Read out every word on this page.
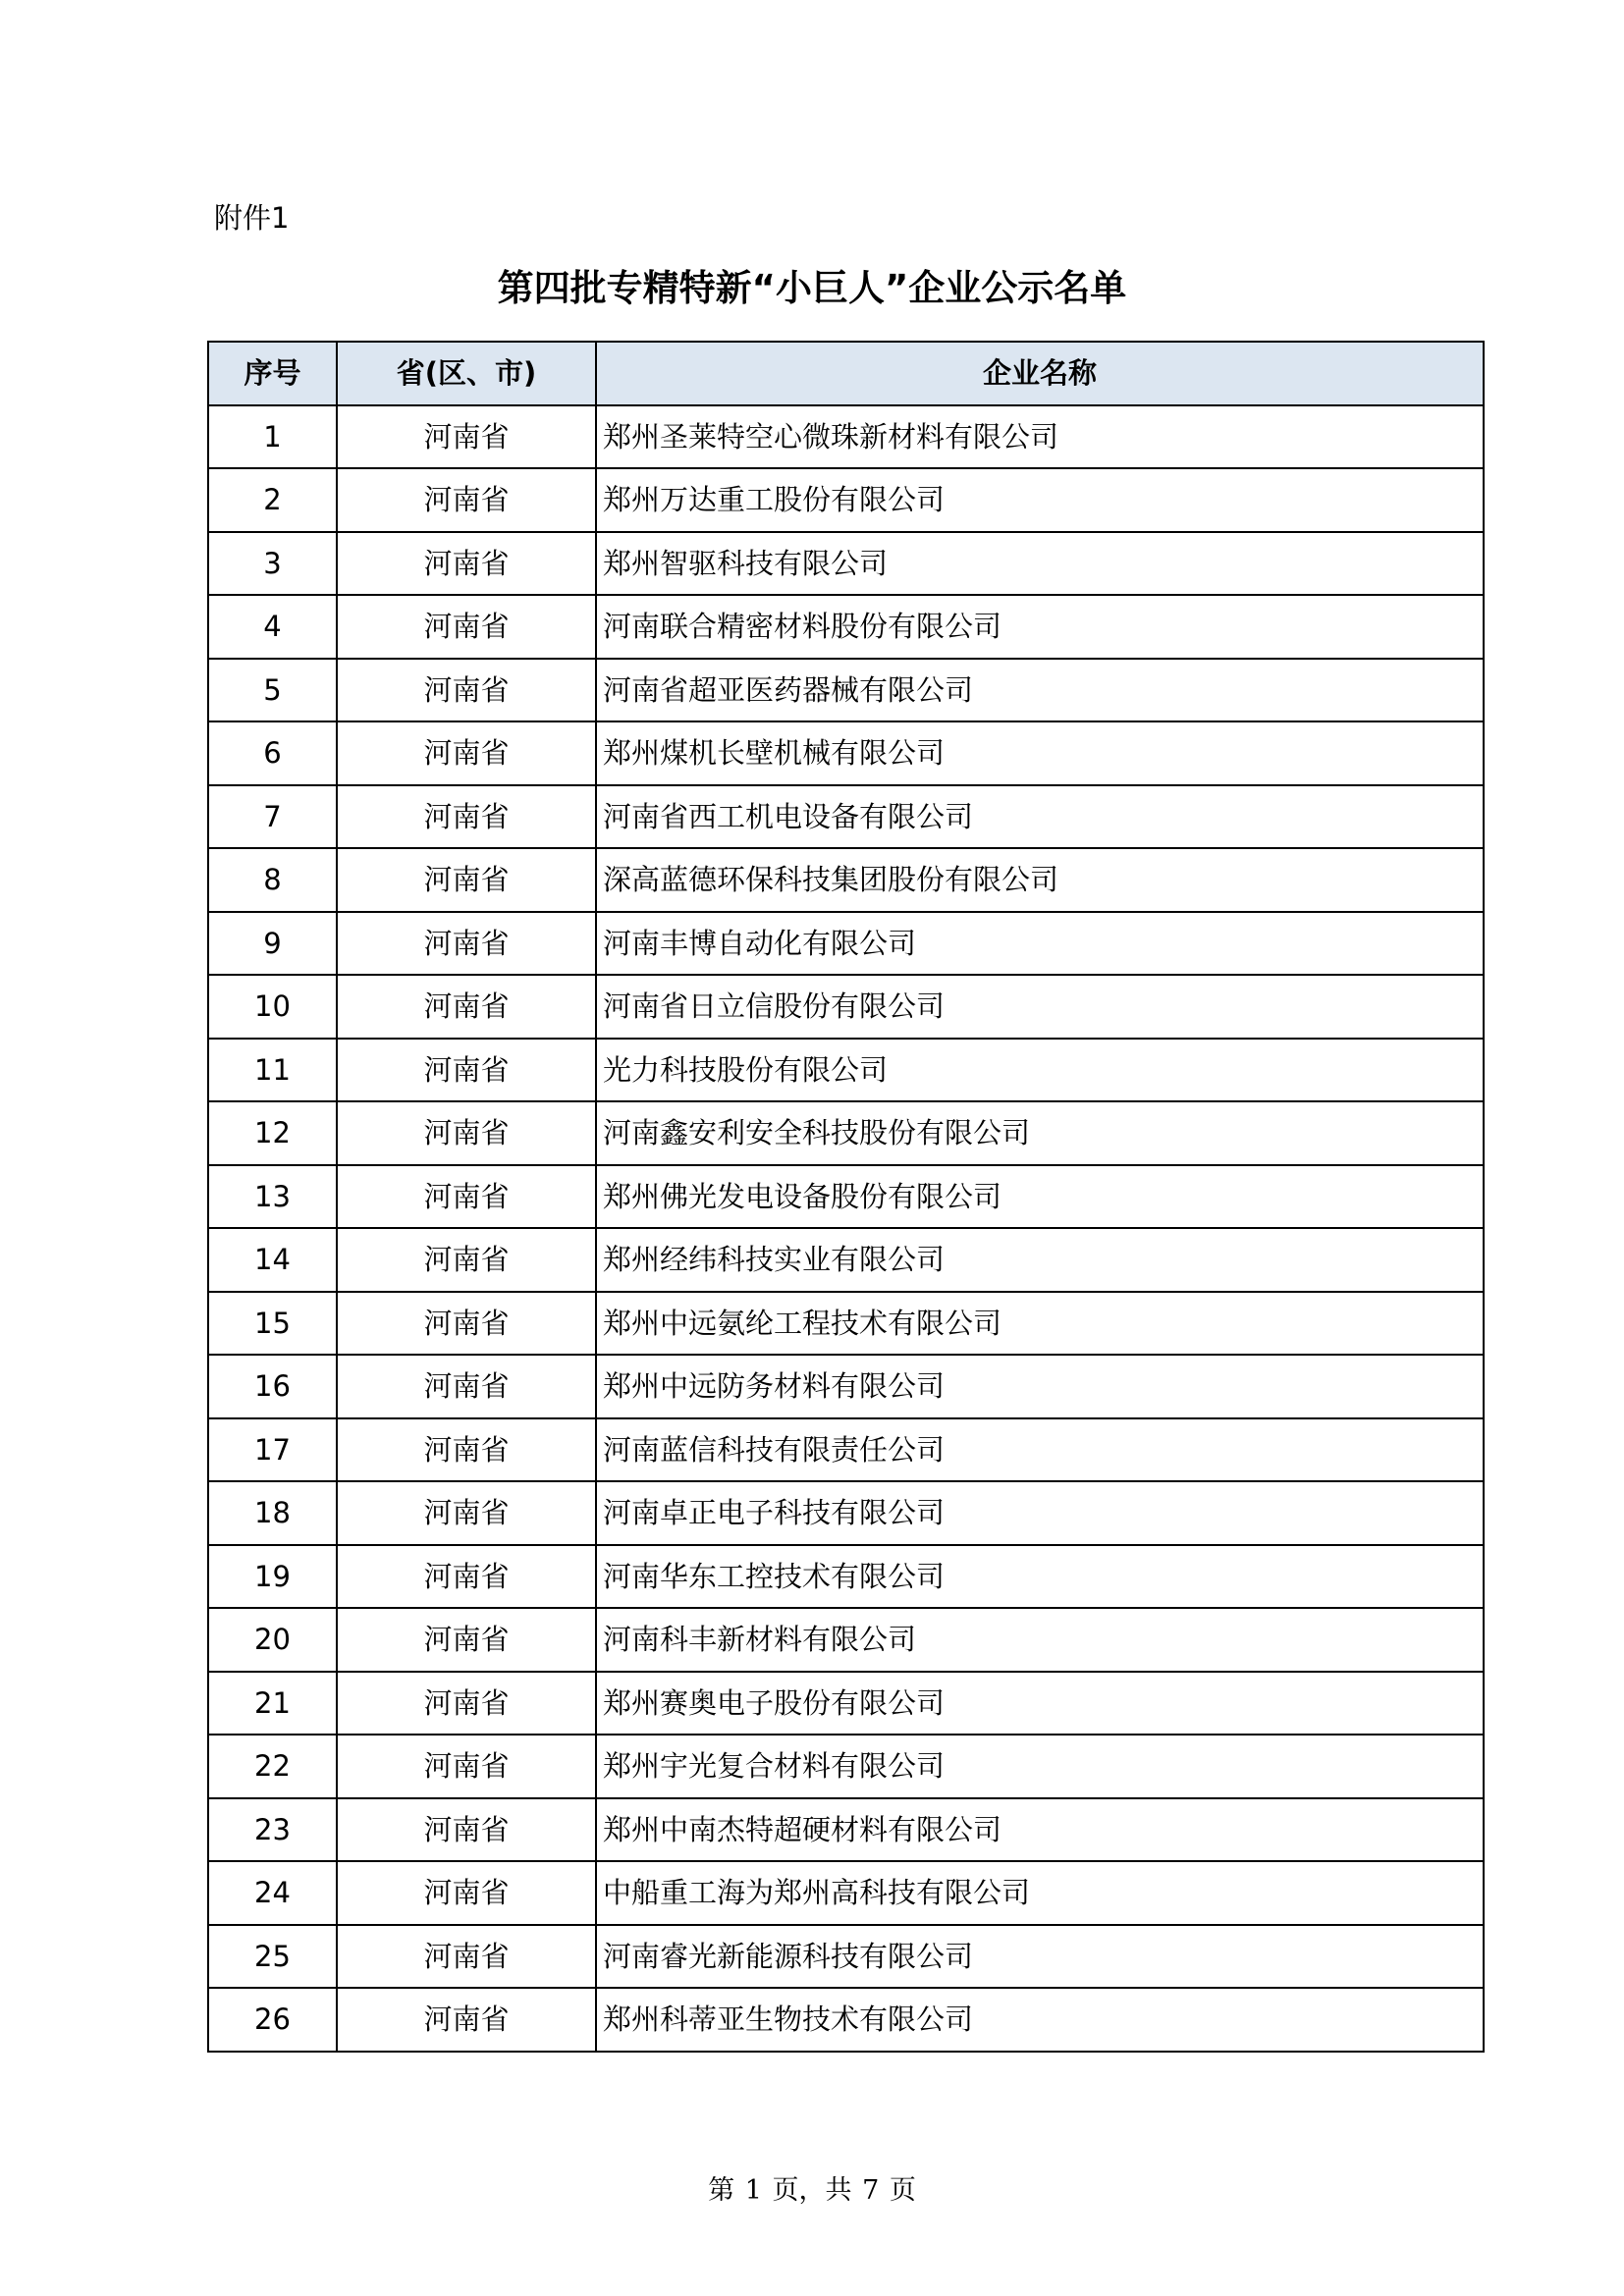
附件1
第四批专精特新“小巨人”企业公示名单
序号	省(区、市)	企业名称
1	河南省	郑州圣莱特空心微珠新材料有限公司
2	河南省	郑州万达重工股份有限公司
3	河南省	郑州智驱科技有限公司
4	河南省	河南联合精密材料股份有限公司
5	河南省	河南省超亚医药器械有限公司
6	河南省	郑州煤机长壁机械有限公司
7	河南省	河南省西工机电设备有限公司
8	河南省	深高蓝德环保科技集团股份有限公司
9	河南省	河南丰博自动化有限公司
10	河南省	河南省日立信股份有限公司
11	河南省	光力科技股份有限公司
12	河南省	河南鑫安利安全科技股份有限公司
13	河南省	郑州佛光发电设备股份有限公司
14	河南省	郑州经纬科技实业有限公司
15	河南省	郑州中远氨纶工程技术有限公司
16	河南省	郑州中远防务材料有限公司
17	河南省	河南蓝信科技有限责任公司
18	河南省	河南卓正电子科技有限公司
19	河南省	河南华东工控技术有限公司
20	河南省	河南科丰新材料有限公司
21	河南省	郑州赛奥电子股份有限公司
22	河南省	郑州宇光复合材料有限公司
23	河南省	郑州中南杰特超硬材料有限公司
24	河南省	中船重工海为郑州高科技有限公司
25	河南省	河南睿光新能源科技有限公司
26	河南省	郑州科蒂亚生物技术有限公司
第 1 页，共 7 页
